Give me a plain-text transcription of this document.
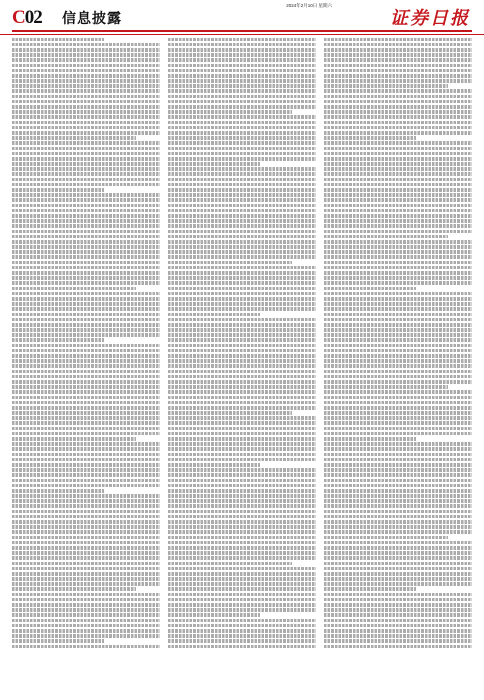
C02 信息披露
2024年2月10日 星期六
证券日报
